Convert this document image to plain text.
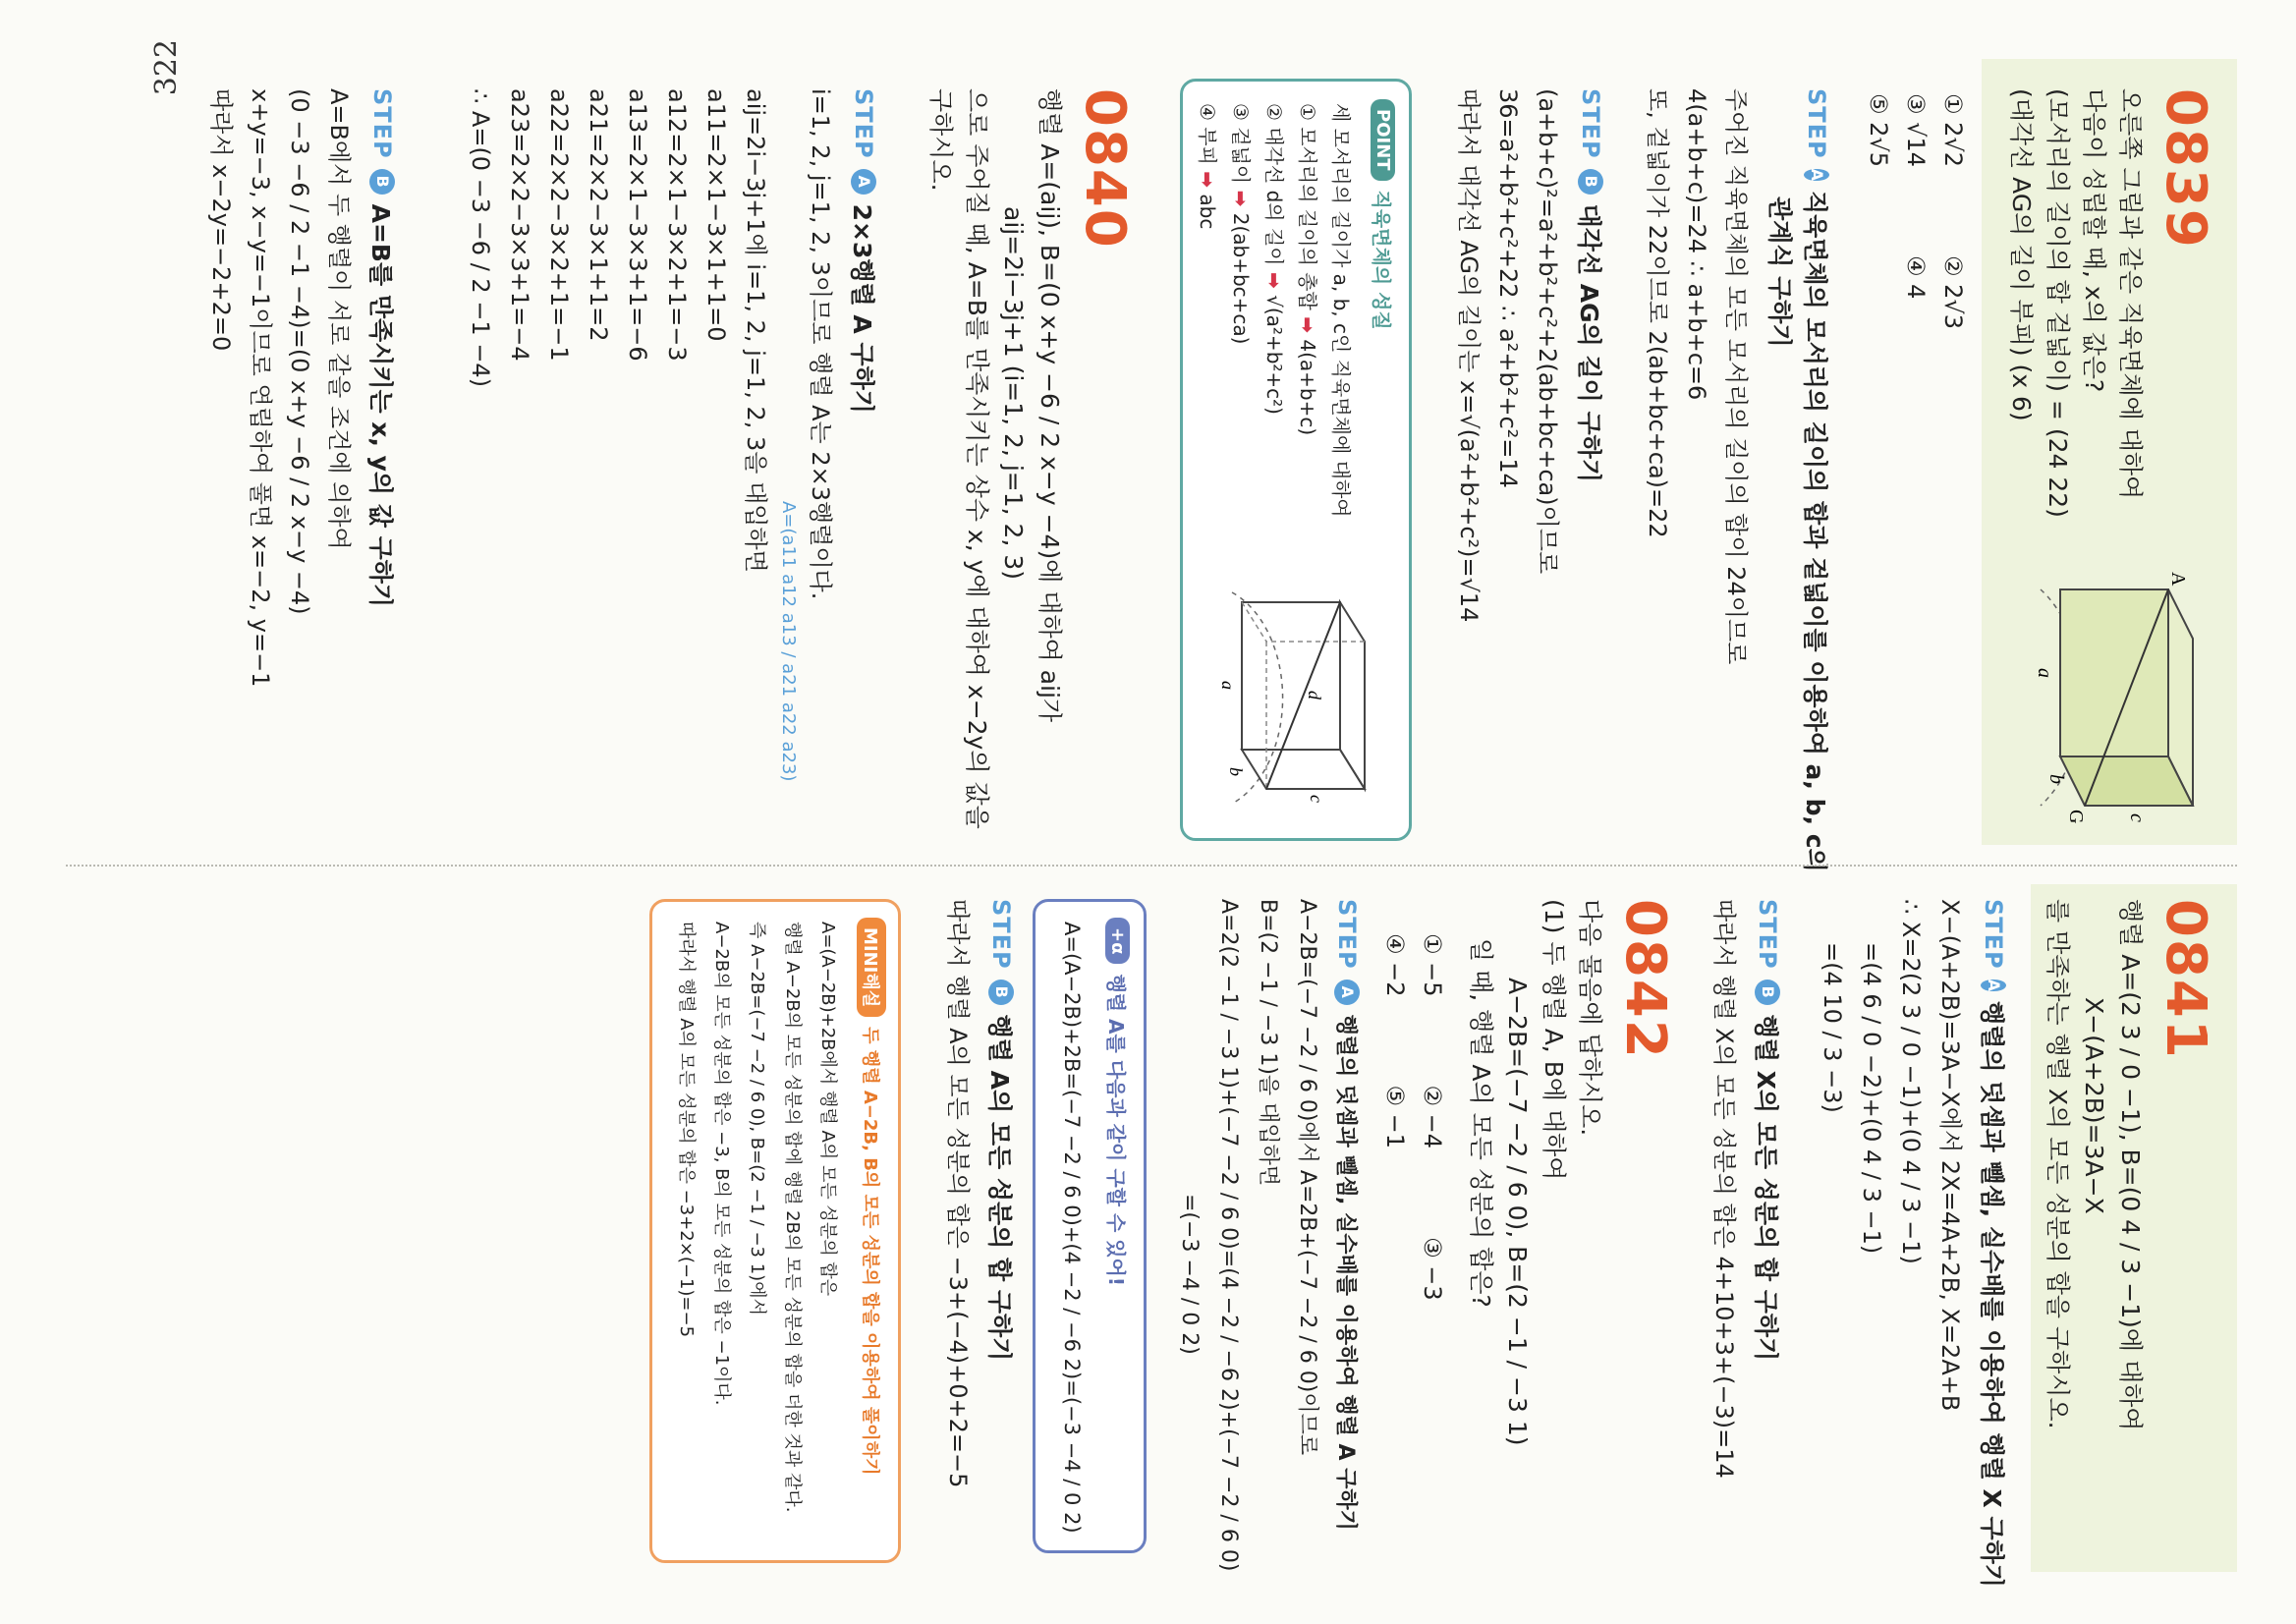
322
0839
오른쪽 그림과 같은 직육면체에 대하여
다음이 성립할 때, x의 값은?
(모서리의 길이의 합 겉넓이) = (24 22)
(대각선 AG의 길이 부피) (x 6)
A
G
a
b
c
① 2√2
② 2√3
③ √14
④ 4
⑤ 2√5
STEP
A
직육면체의 모서리의 길이의 합과 겉넓이를 이용하여 a, b, c의
관계식 구하기
주어진 직육면체의 모든 모서리의 길이의 합이 24이므로
4(a+b+c)=24 ∴ a+b+c=6
또, 겉넓이가 22이므로 2(ab+bc+ca)=22
STEP
B
대각선 AG의 길이 구하기
(a+b+c)²=a²+b²+c²+2(ab+bc+ca)이므로
36=a²+b²+c²+22 ∴ a²+b²+c²=14
따라서 대각선 AG의 길이는 x=√(a²+b²+c²)=√14
POINT
직육면체의 성질
세 모서리의 길이가 a, b, c인 직육면체에 대하여
① 모서리의 길이의 총합 ➡ 4(a+b+c)
② 대각선 d의 길이 ➡ √(a²+b²+c²)
③ 겉넓이 ➡ 2(ab+bc+ca)
④ 부피 ➡ abc
a
b
c
d
0840
행렬 A=(aij), B=(0 x+y −6 / 2 x−y −4)에 대하여 aij가
aij=2i−3j+1 (i=1, 2, j=1, 2, 3)
으로 주어질 때, A=B를 만족시키는 상수 x, y에 대하여 x−2y의 값을
구하시오.
STEP
A
2×3행렬 A 구하기
i=1, 2, j=1, 2, 3이므로 행렬 A는 2×3행렬이다.
A=(a11 a12 a13 / a21 a22 a23)
aij=2i−3j+1에 i=1, 2, j=1, 2, 3을 대입하면
a11=2×1−3×1+1=0
a12=2×1−3×2+1=−3
a13=2×1−3×3+1=−6
a21=2×2−3×1+1=2
a22=2×2−3×2+1=−1
a23=2×2−3×3+1=−4
∴ A=(0 −3 −6 / 2 −1 −4)
STEP
B
A=B를 만족시키는 x, y의 값 구하기
A=B에서 두 행렬이 서로 같을 조건에 의하여
(0 −3 −6 / 2 −1 −4)=(0 x+y −6 / 2 x−y −4)
x+y=−3, x−y=−1이므로 연립하여 풀면 x=−2, y=−1
따라서 x−2y=−2+2=0
0841
행렬 A=(2 3 / 0 −1), B=(0 4 / 3 −1)에 대하여
X−(A+2B)=3A−X
를 만족하는 행렬 X의 모든 성분의 합을 구하시오.
STEP
A
행렬의 덧셈과 뺄셈, 실수배를 이용하여 행렬 X 구하기
X−(A+2B)=3A−X에서 2X=4A+2B, X=2A+B
∴ X=2(2 3 / 0 −1)+(0 4 / 3 −1)
=(4 6 / 0 −2)+(0 4 / 3 −1)
=(4 10 / 3 −3)
STEP
B
행렬 X의 모든 성분의 합 구하기
따라서 행렬 X의 모든 성분의 합은 4+10+3+(−3)=14
0842
다음 물음에 답하시오.
(1) 두 행렬 A, B에 대하여
A−2B=(−7 −2 / 6 0), B=(2 −1 / −3 1)
일 때, 행렬 A의 모든 성분의 합은?
① −5
② −4
③ −3
④ −2
⑤ −1
STEP
A
행렬의 덧셈과 뺄셈, 실수배를 이용하여 행렬 A 구하기
A−2B=(−7 −2 / 6 0)에서 A=2B+(−7 −2 / 6 0)이므로
B=(2 −1 / −3 1)을 대입하면
A=2(2 −1 / −3 1)+(−7 −2 / 6 0)=(4 −2 / −6 2)+(−7 −2 / 6 0)
=(−3 −4 / 0 2)
+α
행렬 A를 다음과 같이 구할 수 있어!
A=(A−2B)+2B=(−7 −2 / 6 0)+(4 −2 / −6 2)=(−3 −4 / 0 2)
STEP
B
행렬 A의 모든 성분의 합 구하기
따라서 행렬 A의 모든 성분의 합은 −3+(−4)+0+2=−5
MINI해설
두 행렬 A−2B, B의 모든 성분의 합을 이용하여 풀이하기
A=(A−2B)+2B에서 행렬 A의 모든 성분의 합은
행렬 A−2B의 모든 성분의 합에 행렬 2B의 모든 성분의 합을 더한 것과 같다.
즉 A−2B=(−7 −2 / 6 0), B=(2 −1 / −3 1)에서
A−2B의 모든 성분의 합은 −3, B의 모든 성분의 합은 −1이다.
따라서 행렬 A의 모든 성분의 합은 −3+2×(−1)=−5
